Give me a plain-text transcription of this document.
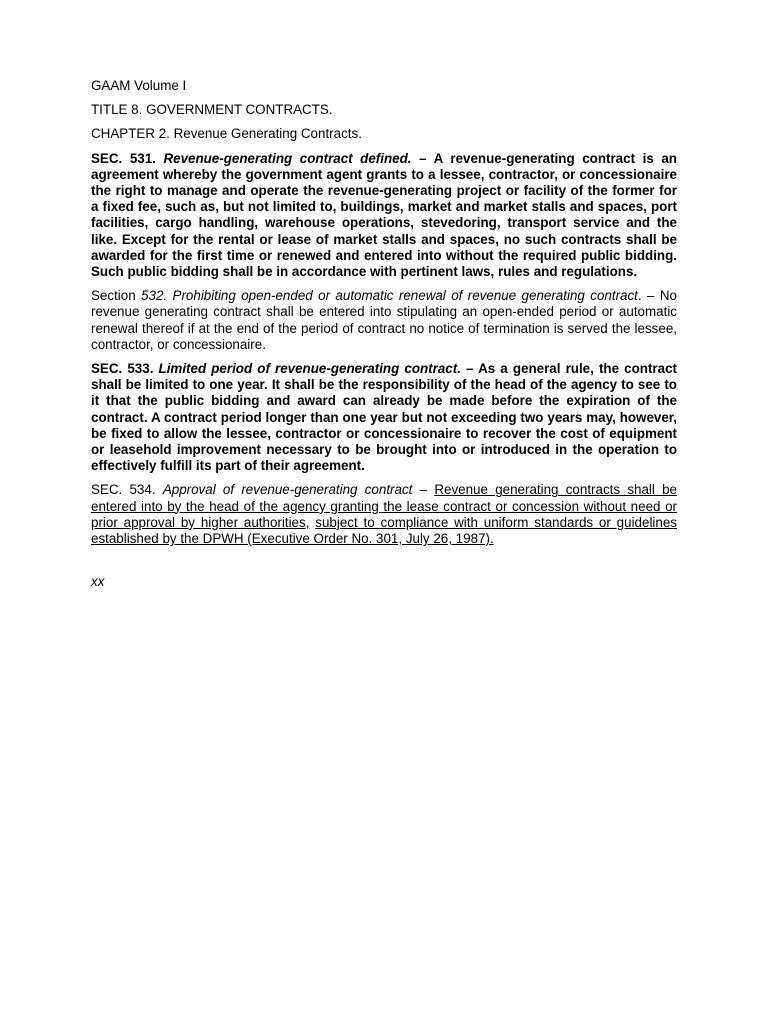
GAAM Volume I
TITLE 8. GOVERNMENT CONTRACTS.
CHAPTER 2. Revenue Generating Contracts.

SEC. 531. Revenue-generating contract defined. – A revenue-generating contract is an agreement whereby the government agent grants to a lessee, contractor, or concessionaire the right to manage and operate the revenue-generating project or facility of the former for a fixed fee, such as, but not limited to, buildings, market and market stalls and spaces, port facilities, cargo handling, warehouse operations, stevedoring, transport service and the like. Except for the rental or lease of market stalls and spaces, no such contracts shall be awarded for the first time or renewed and entered into without the required public bidding. Such public bidding shall be in accordance with pertinent laws, rules and regulations.

Section 532. Prohibiting open-ended or automatic renewal of revenue generating contract. – No revenue generating contract shall be entered into stipulating an open-ended period or automatic renewal thereof if at the end of the period of contract no notice of termination is served the lessee, contractor, or concessionaire.

SEC. 533. Limited period of revenue-generating contract. – As a general rule, the contract shall be limited to one year. It shall be the responsibility of the head of the agency to see to it that the public bidding and award can already be made before the expiration of the contract. A contract period longer than one year but not exceeding two years may, however, be fixed to allow the lessee, contractor or concessionaire to recover the cost of equipment or leasehold improvement necessary to be brought into or introduced in the operation to effectively fulfill its part of their agreement.

SEC. 534. Approval of revenue-generating contract – Revenue generating contracts shall be entered into by the head of the agency granting the lease contract or concession without need or prior approval by higher authorities, subject to compliance with uniform standards or guidelines established by the DPWH (Executive Order No. 301, July 26, 1987).

xx
